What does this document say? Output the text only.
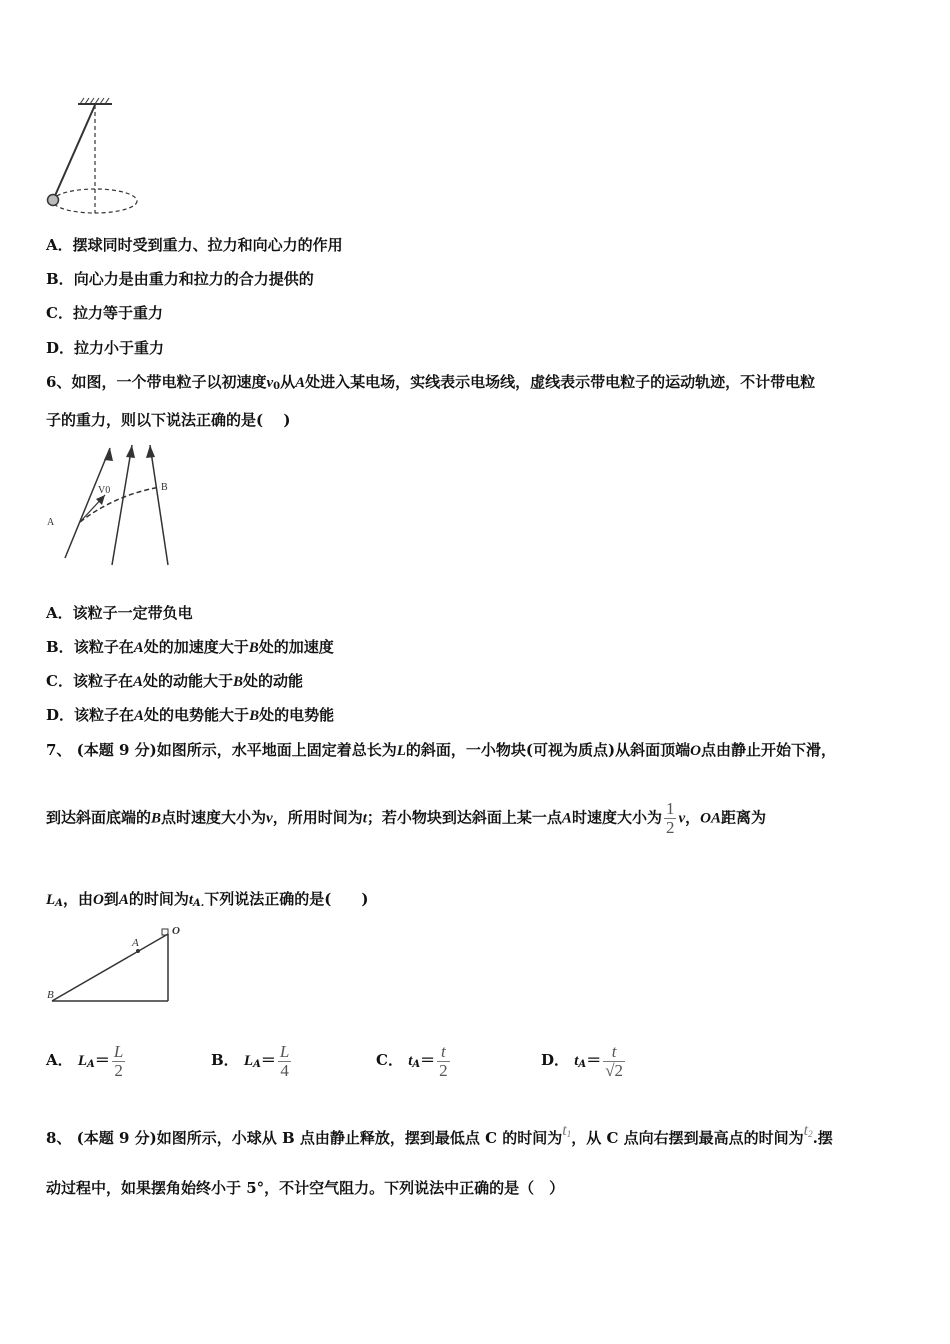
A．摆球同时受到重力、拉力和向心力的作用
B．向心力是由重力和拉力的合力提供的
C．拉力等于重力
D．拉力小于重力
6、如图，一个带电粒子以初速度$v_0$从A处进入某电场，实线表示电场线，虚线表示带电粒子的运动轨迹，不计带电粒
子的重力，则以下说法正确的是(　 )
V0
A
B
A．该粒子一定带负电
B．该粒子在A处的加速度大于B处的加速度
C．该粒子在A处的动能大于B处的动能
D．该粒子在A处的电势能大于B处的电势能
7、 (本题 9 分)如图所示，水平地面上固定着总长为L的斜面，一小物块(可视为质点)从斜面顶端O点由静止开始下滑，
到达斜面底端的B点时速度大小为v，所用时间为t；若小物块到达斜面上某一点A时速度大小为 $\frac{1}{2}$ v，OA距离为
$L_A$，由O到A的时间为$t_{A.}$下列说法正确的是(　　)
A
O
B
A． $L_A= \frac{L}{2}$	B． $L_A= \frac{L}{4}$	C． $t_A= \frac{t}{2}$	D． $t_A= \frac{t}{√2}$
8、 (本题 9 分)如图所示，小球从 B 点由静止释放，摆到最低点 C 的时间为$t_1$，从 C 点向右摆到最高点的时间为$t_2$.摆
动过程中，如果摆角始终小于 5°，不计空气阻力。下列说法中正确的是（　）
